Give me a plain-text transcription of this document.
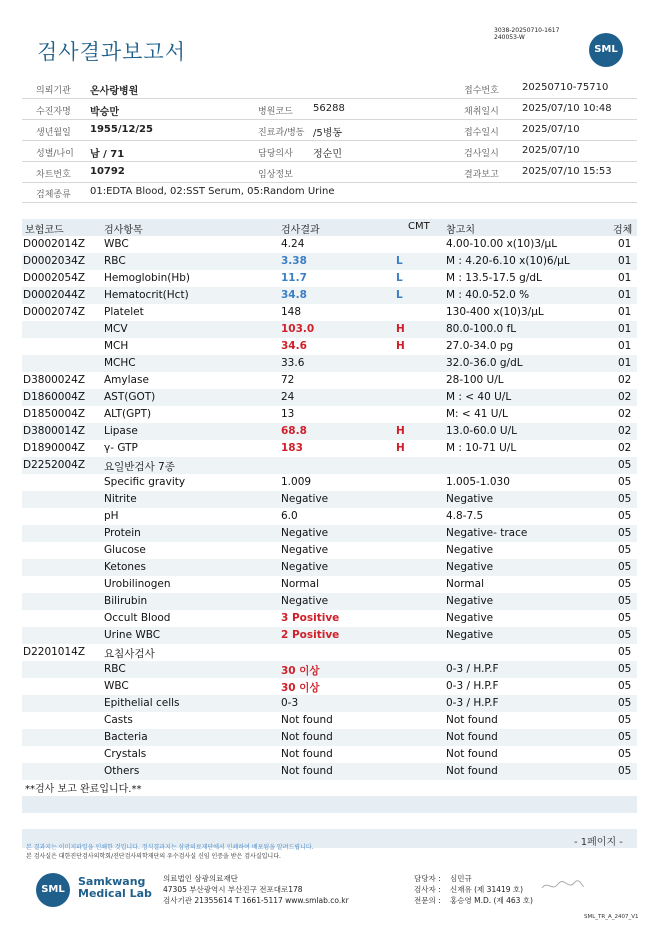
검사결과보고서
3038-20250710-1617
240053-W
SML
의뢰기관 온사랑병원	접수번호 20250710-75710
수진자명 박승만	병원코드 56288	채취일시 2025/07/10 10:48
생년월일 1955/12/25	진료과/병동 /5병동	접수일시 2025/07/10
성별/나이 남 / 71	담당의사 정순민	검사일시 2025/07/10
차트번호 10792	임상정보	결과보고 2025/07/10 15:53
검체종류 01:EDTA Blood, 02:SST Serum, 05:Random Urine
보험코드	검사항목	검사결과	CMT 참고치	검체
D0002014Z WBC	4.24	4.00-10.00 x(10)3/μL	01
D0002034Z RBC	3.38	L	M : 4.20-6.10 x(10)6/μL	01
D0002054Z Hemoglobin(Hb)	11.7	L	M : 13.5-17.5 g/dL	01
D0002044Z Hematocrit(Hct)	34.8	L	M : 40.0-52.0 %	01
D0002074Z Platelet	148	130-400 x(10)3/μL	01
MCV	103.0	H	80.0-100.0 fL	01
MCH	34.6	H	27.0-34.0 pg	01
MCHC	33.6	32.0-36.0 g/dL	01
D3800024Z Amylase	72	28-100 U/L	02
D1860004Z AST(GOT)	24	M : < 40 U/L	02
D1850004Z ALT(GPT)	13	M: < 41 U/L	02
D3800014Z Lipase	68.8	H	13.0-60.0 U/L	02
D1890004Z γ- GTP	183	H	M : 10-71 U/L	02
D2252004Z 요일반검사 7종	05
Specific gravity	1.009	1.005-1.030	05
Nitrite	Negative	Negative	05
pH	6.0	4.8-7.5	05
Protein	Negative	Negative- trace	05
Glucose	Negative	Negative	05
Ketones	Negative	Negative	05
Urobilinogen	Normal	Normal	05
Bilirubin	Negative	Negative	05
Occult Blood	3 Positive	Negative	05
Urine WBC	2 Positive	Negative	05
D2201014Z 요침사검사	05
RBC	30 이상	0-3 / H.P.F	05
WBC	30 이상	0-3 / H.P.F	05
Epithelial cells	0-3	0-3 / H.P.F	05
Casts	Not found	Not found	05
Bacteria	Not found	Not found	05
Crystals	Not found	Not found	05
Others	Not found	Not found	05
**검사 보고 완료입니다.**
본 결과지는 이미지파일을 인쇄한 것입니다. 정식결과지는 삼광의료재단에서 인쇄하여 배포됨을 알려드립니다.
본 검사실은 대한진단검사의학회/진단검사의학재단의 우수검사실 신임 인증을 받은 검사실입니다.
- 1페이지 -
SML
Samkwang
Medical Lab
의료법인 삼광의료재단
47305 부산광역시 부산진구 전포대로178
검사기관 21355614 T 1661-5117 www.smlab.co.kr
담당자 : 심민규
검사자 : 신재유 (제 31419 호)
전문의 : 홍승영 M.D. (제 463 호)
SML_TR_A_2407_V1
